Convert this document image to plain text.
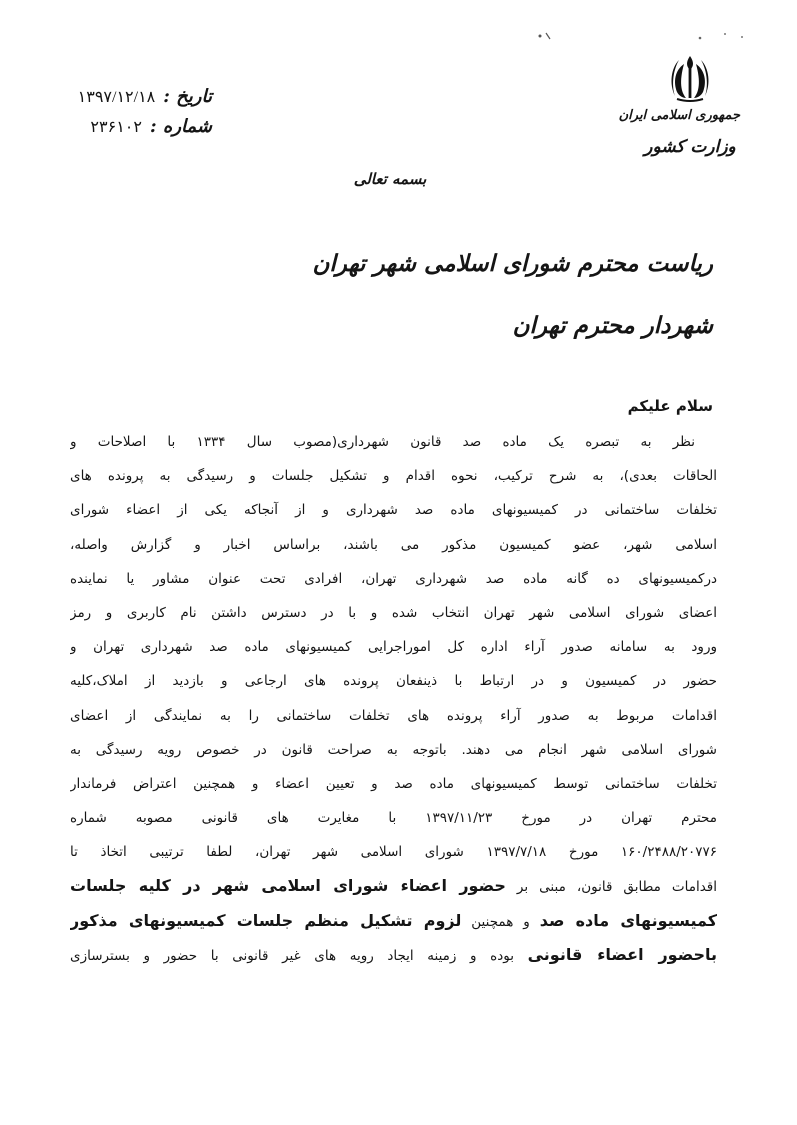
تاریخ :
۱۳۹۷/۱۲/۱۸
شماره :
۲۳۶۱۰۲
جمهوری اسلامی ایران
وزارت کشور
بسمه تعالی
ریاست محترم شورای اسلامی شهر تهران
شهردار محترم تهران
سلام علیکم
نظر به تبصره یک ماده صد قانون شهرداری(مصوب سال ۱۳۳۴ با اصلاحات و
الحاقات بعدی)، به شرح ترکیب، نحوه اقدام و تشکیل جلسات و رسیدگی به پرونده های
تخلفات ساختمانی در کمیسیونهای ماده صد شهرداری و از آنجاکه یکی از اعضاء شورای
اسلامی شهر، عضو کمیسیون مذکور می باشند، براساس اخبار و گزارش واصله،
درکمیسیونهای ده گانه ماده صد شهرداری تهران، افرادی تحت عنوان مشاور یا نماینده
اعضای شورای اسلامی شهر تهران انتخاب شده و با در دسترس داشتن نام کاربری و رمز
ورود به سامانه صدور آراء اداره کل اموراجرایی کمیسیونهای ماده صد شهرداری تهران و
حضور در کمیسیون و در ارتباط با ذینفعان پرونده های ارجاعی و بازدید از املاک،کلیه
اقدامات مربوط به صدور آراء پرونده های تخلفات ساختمانی را به نمایندگی از اعضای
شورای اسلامی شهر انجام می دهند. باتوجه به صراحت قانون در خصوص رویه رسیدگی به
تخلفات ساختمانی توسط کمیسیونهای ماده صد و تعیین اعضاء و همچنین اعتراض فرماندار
محترم تهران در مورخ ۱۳۹۷/۱۱/۲۳ با مغایرت های قانونی مصوبه شماره
۱۶۰/۲۴۸۸/۲۰۷۷۶ مورخ ۱۳۹۷/۷/۱۸ شورای اسلامی شهر تهران، لطفا ترتیبی اتخاذ تا
اقدامات مطابق قانون، مبنی بر حضور اعضاء شورای اسلامی شهر در کلیه جلسات
کمیسیونهای ماده صد و همچنین لزوم تشکیل منظم جلسات کمیسیونهای مذکور
باحضور اعضاء قانونی بوده و زمینه ایجاد رویه های غیر قانونی با حضور و بسترسازی
